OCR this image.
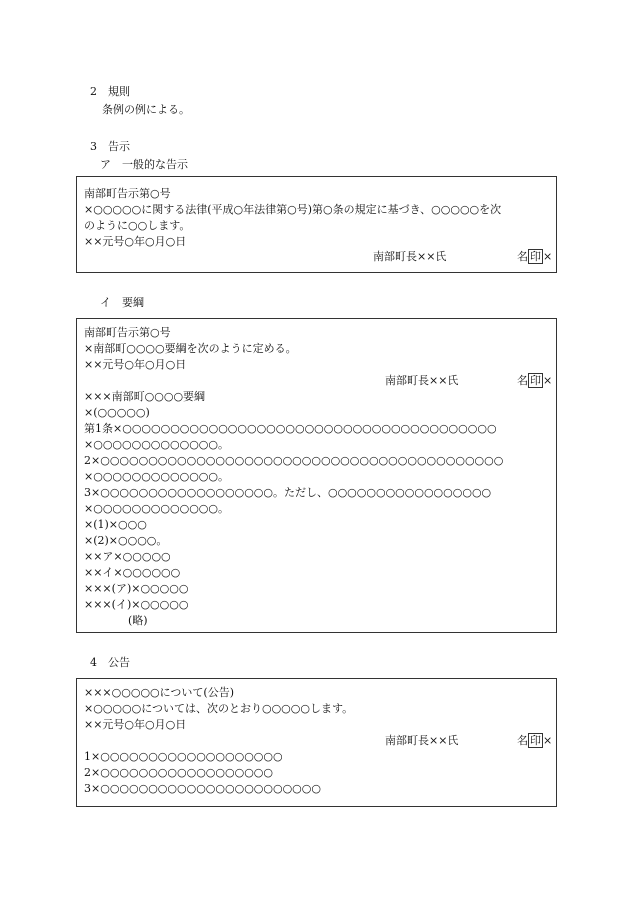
2　規則
条例の例による。
3　告示
ア　一般的な告示
南部町告示第○号
×○○○○○に関する法律(平成○年法律第○号)第○条の規定に基づき、○○○○○を次
のように○○します。
××元号○年○月○日
南部町長××氏	名 印 ×
イ　要綱
南部町告示第○号
×南部町○○○○要綱を次のように定める。
××元号○年○月○日
南部町長××氏	名 印 ×
×××南部町○○○○要綱
×(○○○○○)
第1条×○○○○○○○○○○○○○○○○○○○○○○○○○○○○○○○○○○○○○○○
×○○○○○○○○○○○○○。
2×○○○○○○○○○○○○○○○○○○○○○○○○○○○○○○○○○○○○○○○○○○
×○○○○○○○○○○○○○。
3×○○○○○○○○○○○○○○○○○○。ただし、○○○○○○○○○○○○○○○○○
×○○○○○○○○○○○○○。
×(1)×○○○
×(2)×○○○○。
××ア×○○○○○
××イ×○○○○○○
×××(ア)×○○○○○
×××(イ)×○○○○○
　　　　(略)
4　公告
×××○○○○○について(公告)
×○○○○○については、次のとおり○○○○○します。
××元号○年○月○日
南部町長××氏	名 印 ×
1×○○○○○○○○○○○○○○○○○○○
2×○○○○○○○○○○○○○○○○○○
3×○○○○○○○○○○○○○○○○○○○○○○○
